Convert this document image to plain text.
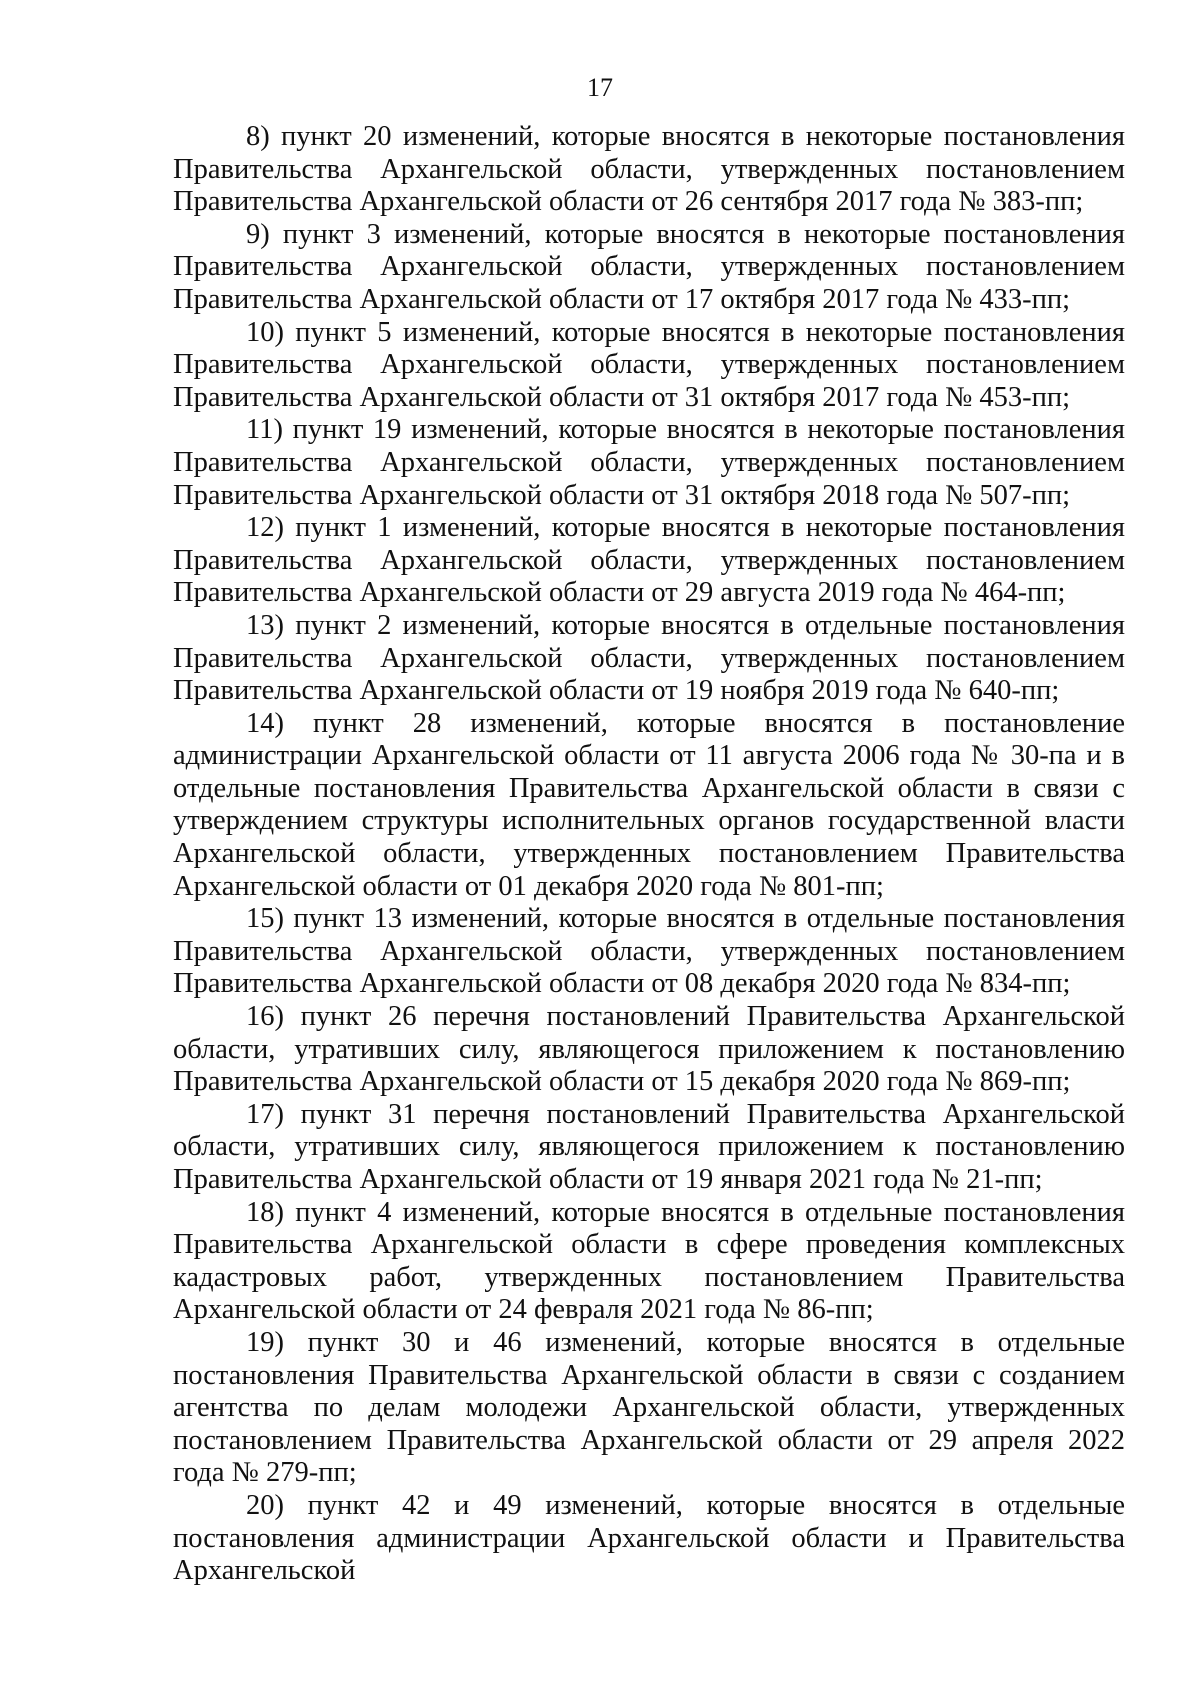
17

8) пункт 20 изменений, которые вносятся в некоторые постановления Правительства Архангельской области, утвержденных постановлением Правительства Архангельской области от 26 сентября 2017 года № 383-пп;

9) пункт 3 изменений, которые вносятся в некоторые постановления Правительства Архангельской области, утвержденных постановлением Правительства Архангельской области от 17 октября 2017 года № 433-пп;

10) пункт 5 изменений, которые вносятся в некоторые постановления Правительства Архангельской области, утвержденных постановлением Правительства Архангельской области от 31 октября 2017 года № 453-пп;

11) пункт 19 изменений, которые вносятся в некоторые постановления Правительства Архангельской области, утвержденных постановлением Правительства Архангельской области от 31 октября 2018 года № 507-пп;

12) пункт 1 изменений, которые вносятся в некоторые постановления Правительства Архангельской области, утвержденных постановлением Правительства Архангельской области от 29 августа 2019 года № 464-пп;

13) пункт 2 изменений, которые вносятся в отдельные постановления Правительства Архангельской области, утвержденных постановлением Правительства Архангельской области от 19 ноября 2019 года № 640-пп;

14) пункт 28 изменений, которые вносятся в постановление администрации Архангельской области от 11 августа 2006 года № 30-па и в отдельные постановления Правительства Архангельской области в связи с утверждением структуры исполнительных органов государственной власти Архангельской области, утвержденных постановлением Правительства Архангельской области от 01 декабря 2020 года № 801-пп;

15) пункт 13 изменений, которые вносятся в отдельные постановления Правительства Архангельской области, утвержденных постановлением Правительства Архангельской области от 08 декабря 2020 года № 834-пп;

16) пункт 26 перечня постановлений Правительства Архангельской области, утративших силу, являющегося приложением к постановлению Правительства Архангельской области от 15 декабря 2020 года № 869-пп;

17) пункт 31 перечня постановлений Правительства Архангельской области, утративших силу, являющегося приложением к постановлению Правительства Архангельской области от 19 января 2021 года № 21-пп;

18) пункт 4 изменений, которые вносятся в отдельные постановления Правительства Архангельской области в сфере проведения комплексных кадастровых работ, утвержденных постановлением Правительства Архангельской области от 24 февраля 2021 года № 86-пп;

19) пункт 30 и 46 изменений, которые вносятся в отдельные постановления Правительства Архангельской области в связи с созданием агентства по делам молодежи Архангельской области, утвержденных постановлением Правительства Архангельской области от 29 апреля 2022 года № 279-пп;

20) пункт 42 и 49 изменений, которые вносятся в отдельные постановления администрации Архангельской области и Правительства Архангельской
